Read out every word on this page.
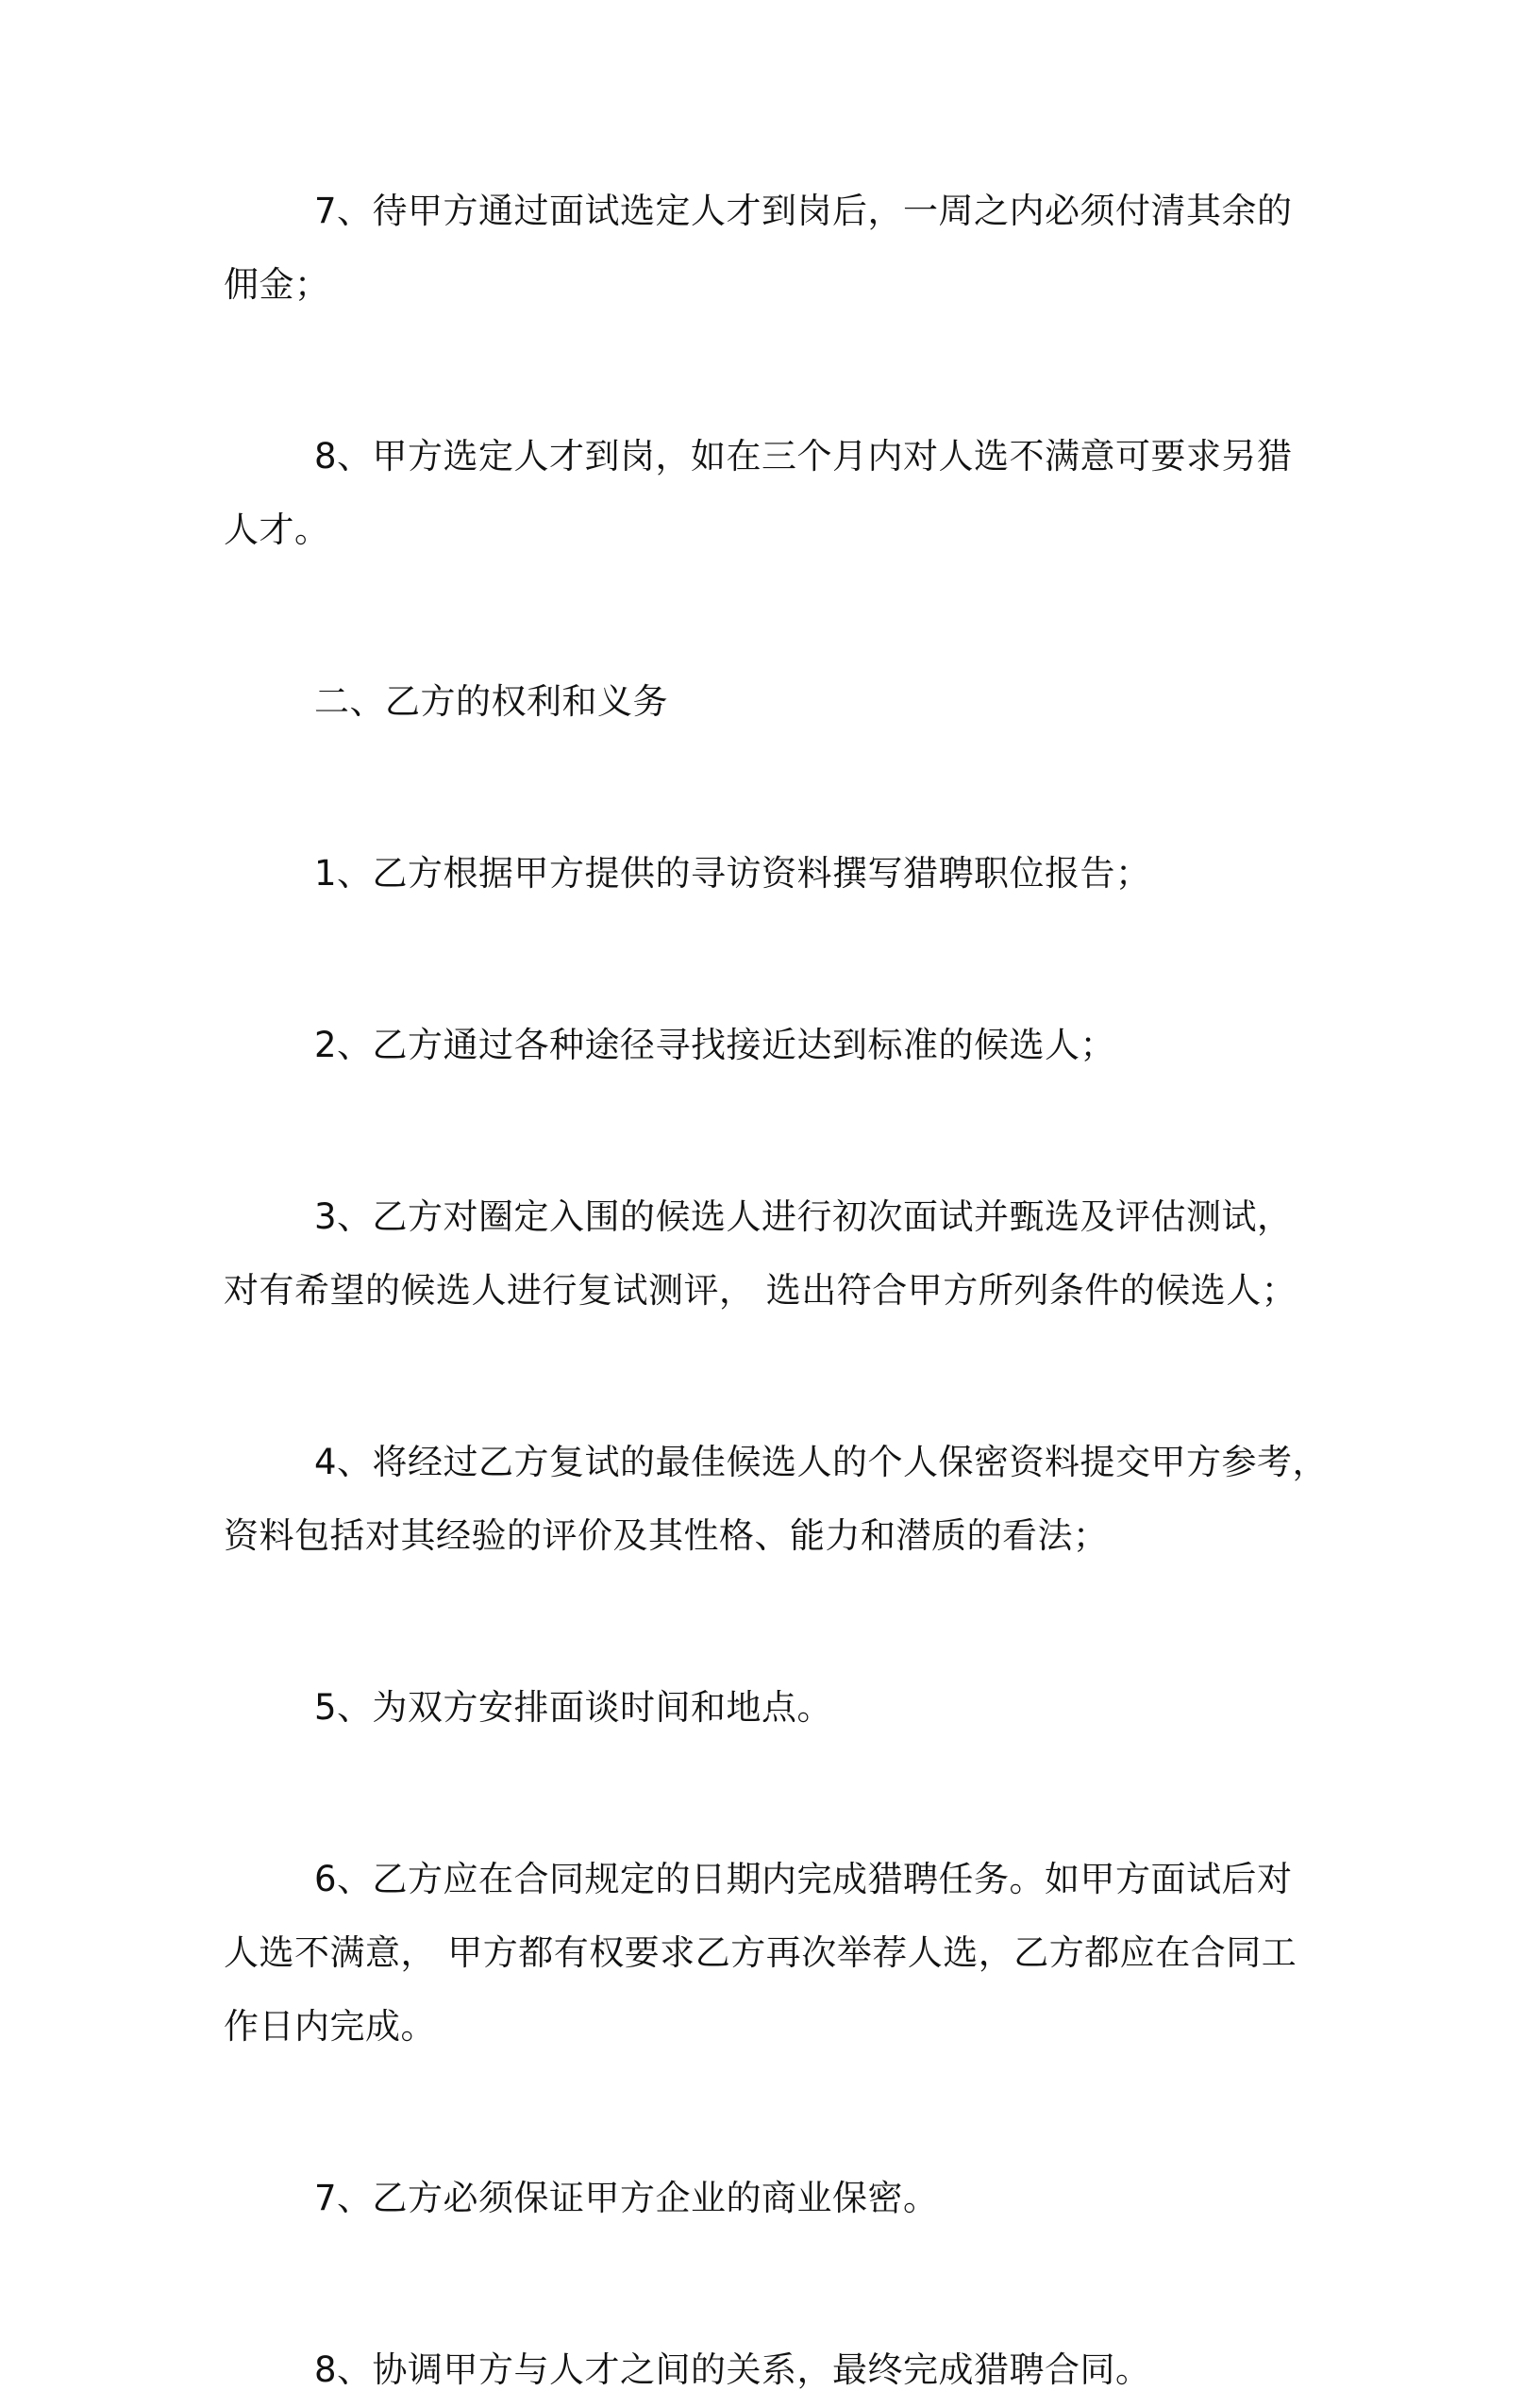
7、待甲方通过面试选定人才到岗后，一周之内必须付清其余的
佣金；
8、甲方选定人才到岗，如在三个月内对人选不满意可要求另猎
人才。
二、乙方的权利和义务
1、乙方根据甲方提供的寻访资料撰写猎聘职位报告；
2、乙方通过各种途径寻找接近达到标准的候选人；
3、乙方对圈定入围的候选人进行初次面试并甄选及评估测试，
对有希望的候选人进行复试测评， 选出符合甲方所列条件的候选人；
4、将经过乙方复试的最佳候选人的个人保密资料提交甲方参考，
资料包括对其经验的评价及其性格、能力和潜质的看法；
5、为双方安排面谈时间和地点。
6、乙方应在合同规定的日期内完成猎聘任务。如甲方面试后对
人选不满意， 甲方都有权要求乙方再次举荐人选，乙方都应在合同工
作日内完成。
7、乙方必须保证甲方企业的商业保密。
8、协调甲方与人才之间的关系，最终完成猎聘合同。
